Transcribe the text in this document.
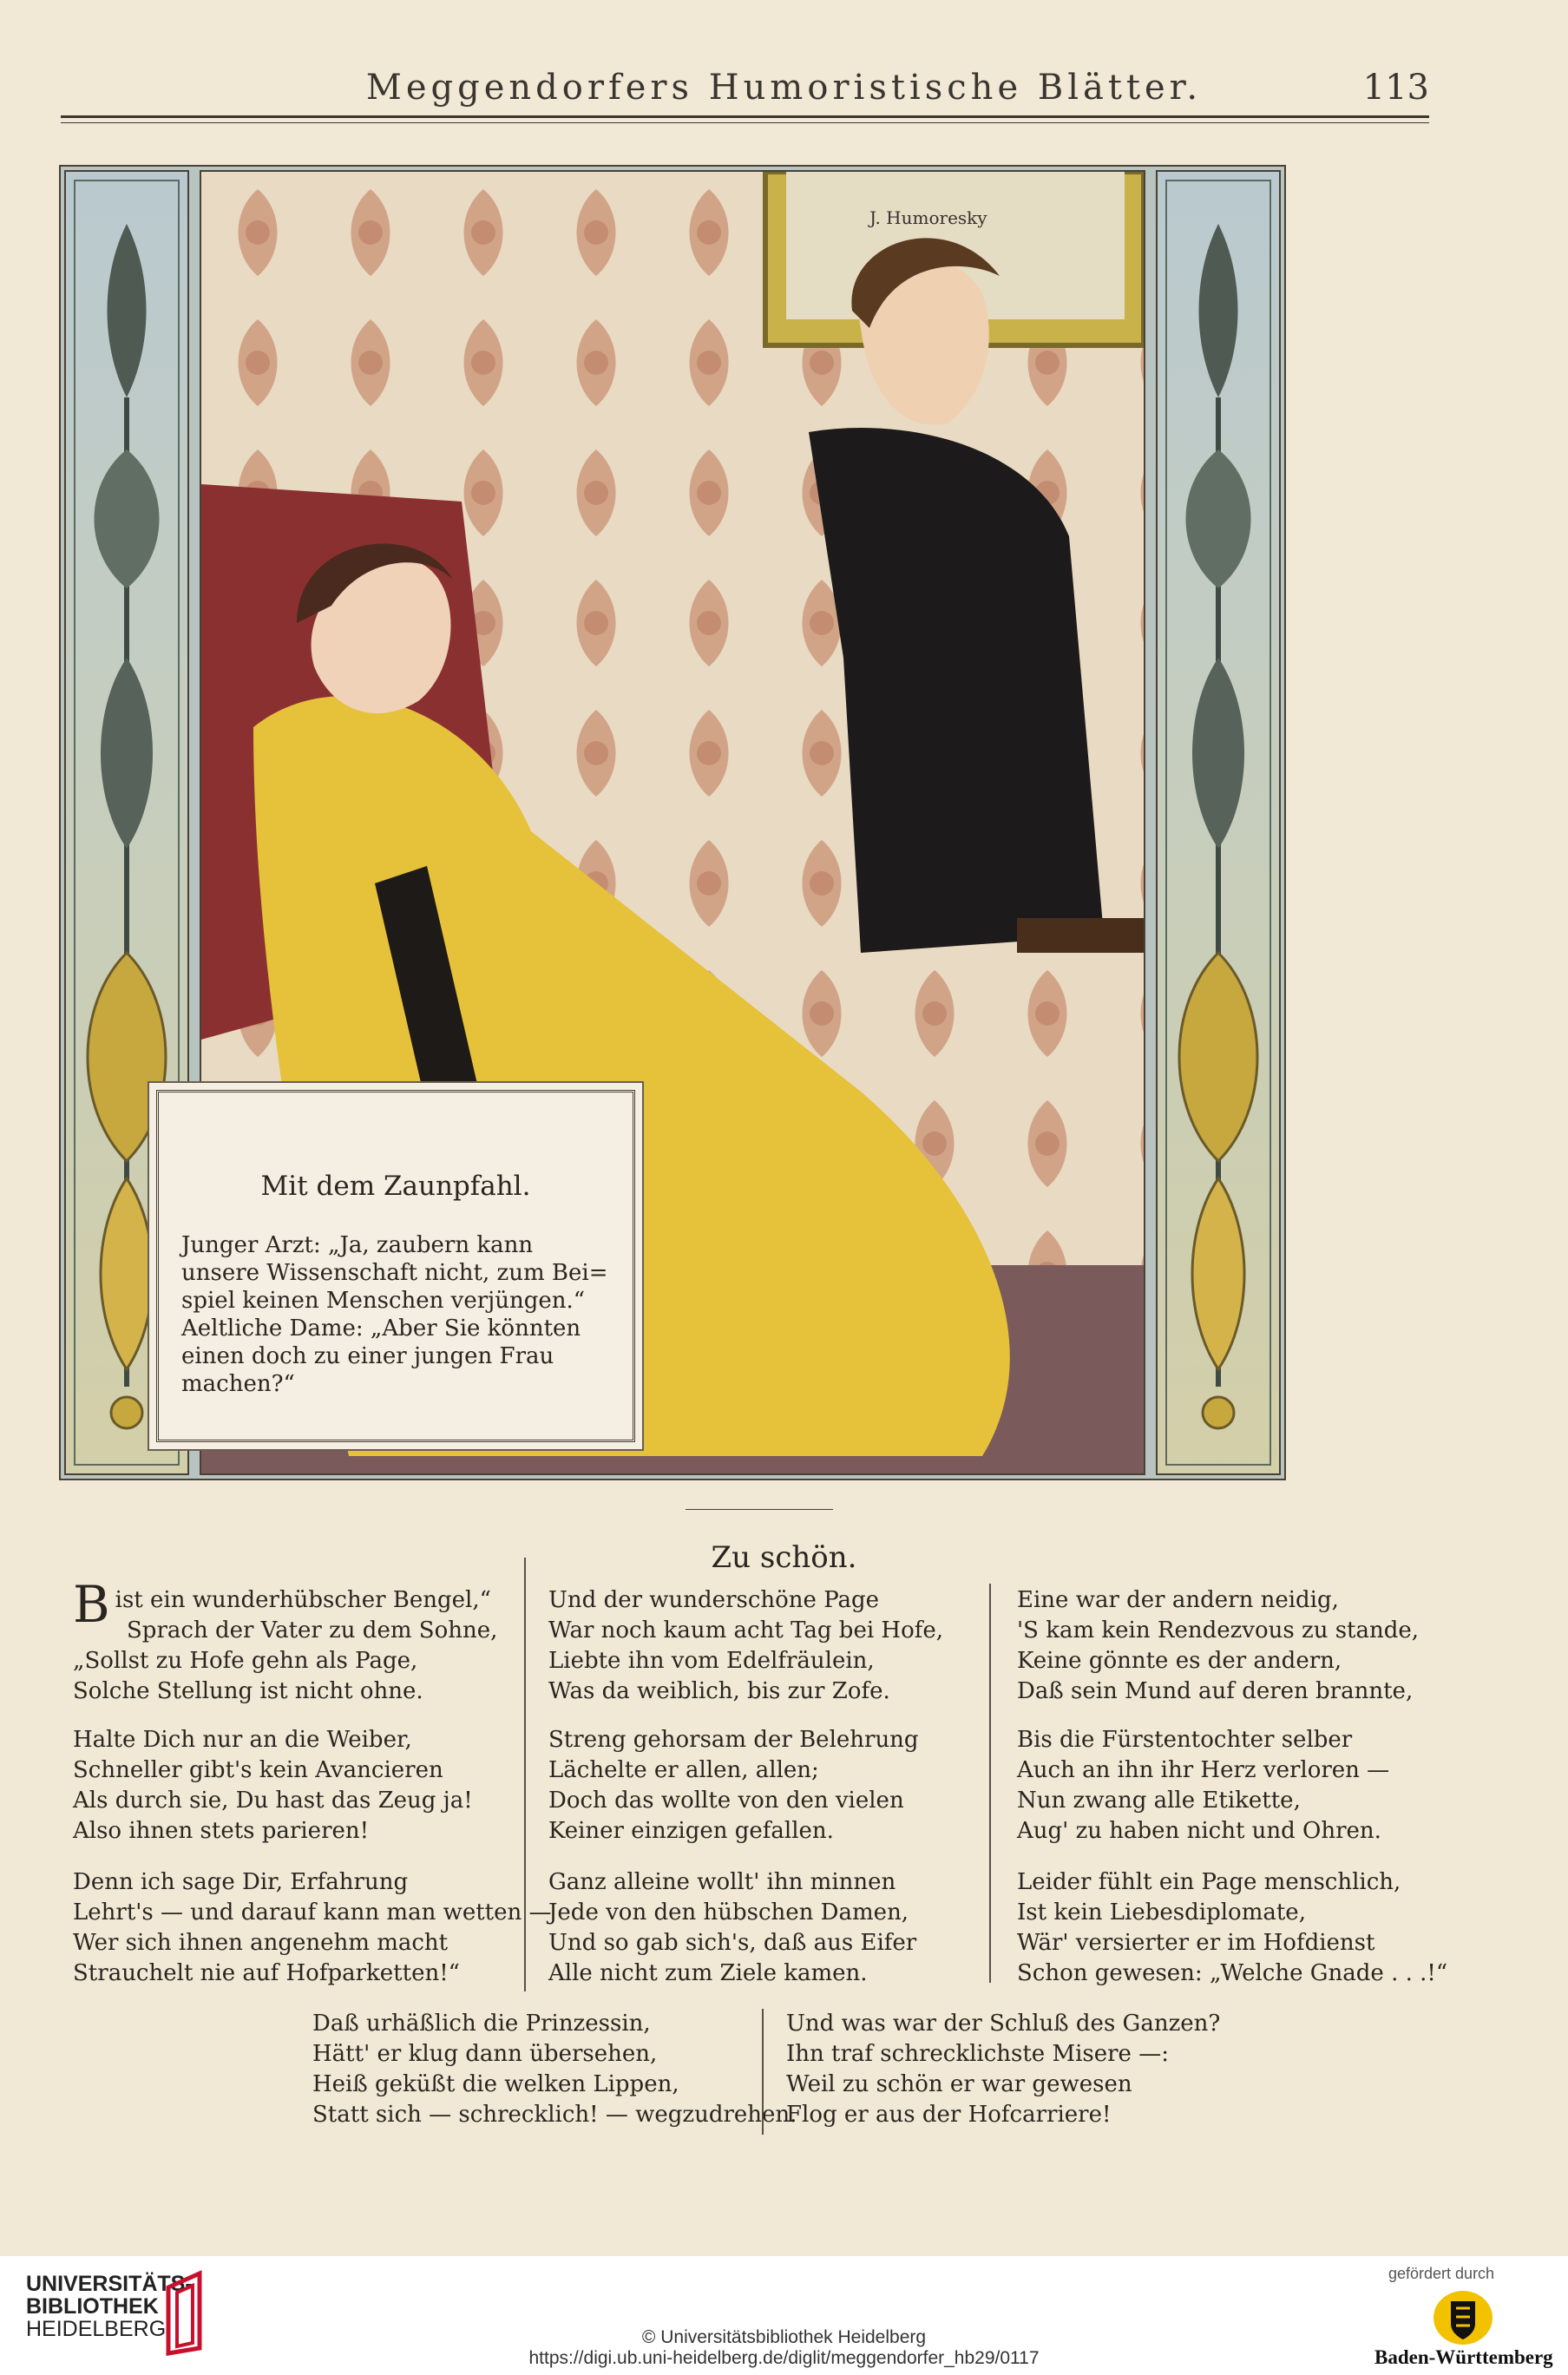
Meggendorfers Humoristische Blätter.	113
J. Humoresky
Mit dem Zaunpfahl.
Junger Arzt: „Ja, zaubern kann
unsere Wissenschaft nicht, zum Bei=
spiel keinen Menschen verjüngen.“
Aeltliche Dame: „Aber Sie könnten
einen doch zu einer jungen Frau
machen?“
Zu schön.
Bist ein wunderhübscher Bengel,“
Sprach der Vater zu dem Sohne,
„Sollst zu Hofe gehn als Page,
Solche Stellung ist nicht ohne.
Halte Dich nur an die Weiber,
Schneller gibt's kein Avancieren
Als durch sie, Du hast das Zeug ja!
Also ihnen stets parieren!
Denn ich sage Dir, Erfahrung
Lehrt's — und darauf kann man wetten —
Wer sich ihnen angenehm macht
Strauchelt nie auf Hofparketten!“
Und der wunderschöne Page
War noch kaum acht Tag bei Hofe,
Liebte ihn vom Edelfräulein,
Was da weiblich, bis zur Zofe.
Streng gehorsam der Belehrung
Lächelte er allen, allen;
Doch das wollte von den vielen
Keiner einzigen gefallen.
Ganz alleine wollt' ihn minnen
Jede von den hübschen Damen,
Und so gab sich's, daß aus Eifer
Alle nicht zum Ziele kamen.
Eine war der andern neidig,
'S kam kein Rendezvous zu stande,
Keine gönnte es der andern,
Daß sein Mund auf deren brannte,
Bis die Fürstentochter selber
Auch an ihn ihr Herz verloren —
Nun zwang alle Etikette,
Aug' zu haben nicht und Ohren.
Leider fühlt ein Page menschlich,
Ist kein Liebesdiplomate,
Wär' versierter er im Hofdienst
Schon gewesen: „Welche Gnade . . .!“
Daß urhäßlich die Prinzessin,
Hätt' er klug dann übersehen,
Heiß geküßt die welken Lippen,
Statt sich — schrecklich! — wegzudrehen.
Und was war der Schluß des Ganzen?
Ihn traf schrecklichste Misere —:
Weil zu schön er war gewesen
Flog er aus der Hofcarriere!
UNIVERSITÄTS-
BIBLIOTHEK
HEIDELBERG	© Universitätsbibliothek Heidelberg
https://digi.ub.uni-heidelberg.de/diglit/meggendorfer_hb29/0117
gefördert durch
Baden-Württemberg
